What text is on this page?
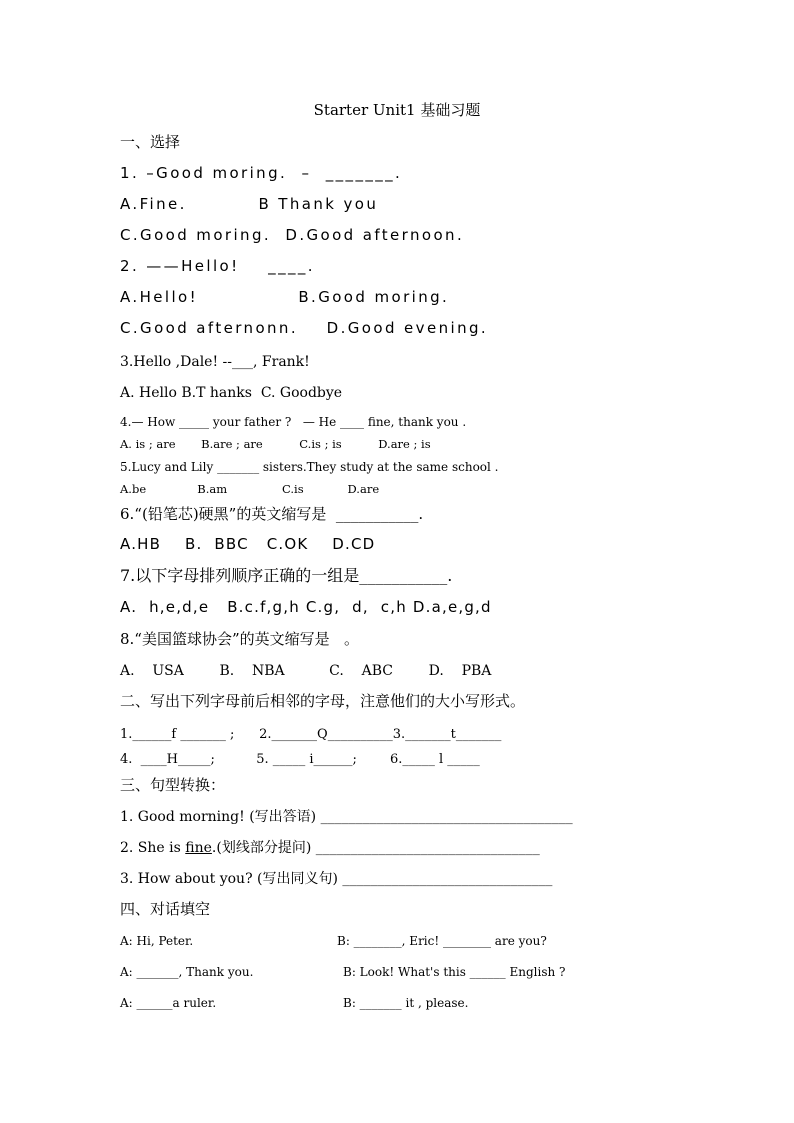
Starter Unit1 基础习题
一、选择
1. –Good moring.  –  _______.
A.Fine.          B Thank you
C.Good moring.  D.Good afternoon.
2. ——Hello!    ____.
A.Hello!              B.Good moring.
C.Good afternonn.    D.Good evening.
3.Hello ,Dale! --___, Frank!
A. Hello B.T hanks  C. Goodbye
4.— How _____ your father ?   — He ____ fine, thank you .
A. is ; are       B.are ; are          C.is ; is          D.are ; is
5.Lucy and Lily _______ sisters.They study at the same school .
A.be              B.am               C.is            D.are
6.“(铅笔芯)硬黑”的英文缩写是  ___________.
A.HB    B.  BBC   C.OK    D.CD
7.以下字母排列顺序正确的一组是___________.
A.  h,e,d,e   B.c.f,g,h C.g,  d,  c,h D.a,e,g,d
8.“美国篮球协会”的英文缩写是   。
A.    USA        B.    NBA          C.    ABC        D.    PBA
二、写出下列字母前后相邻的字母，注意他们的大小写形式。
1.______f _______ ;      2._______Q__________3._______t_______
4.  ____H_____;          5. _____ i______;        6._____ l _____
三、句型转换：
1. Good morning! (写出答语) ____________________________________
2. She is fine.(划线部分提问) ________________________________
3. How about you? (写出同义句) ______________________________
四、对话填空
A: Hi, Peter.	B: ________, Eric! ________ are you?
A: _______, Thank you.	B: Look! What's this ______ English ?
A: ______a ruler.	B: _______ it , please.
